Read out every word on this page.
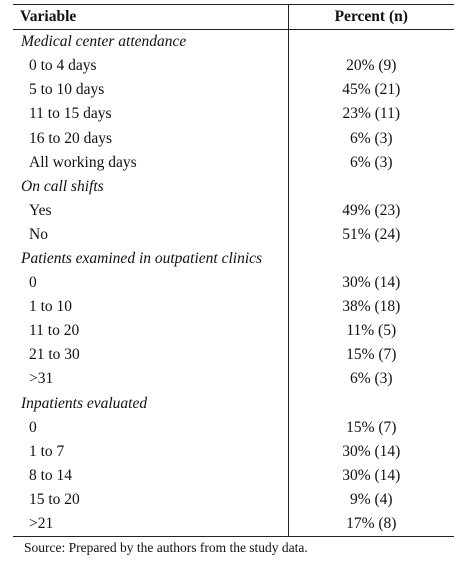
Variable	Percent (n)
Medical center attendance	
0 to 4 days	20% (9)
5 to 10 days	45% (21)
11 to 15 days	23% (11)
16 to 20 days	6% (3)
All working days	6% (3)
On call shifts	
Yes	49% (23)
No	51% (24)
Patients examined in outpatient clinics	
0	30% (14)
1 to 10	38% (18)
11 to 20	11% (5)
21 to 30	15% (7)
>31	6% (3)
Inpatients evaluated	
0	15% (7)
1 to 7	30% (14)
8 to 14	30% (14)
15 to 20	9% (4)
>21	17% (8)
Source: Prepared by the authors from the study data.
